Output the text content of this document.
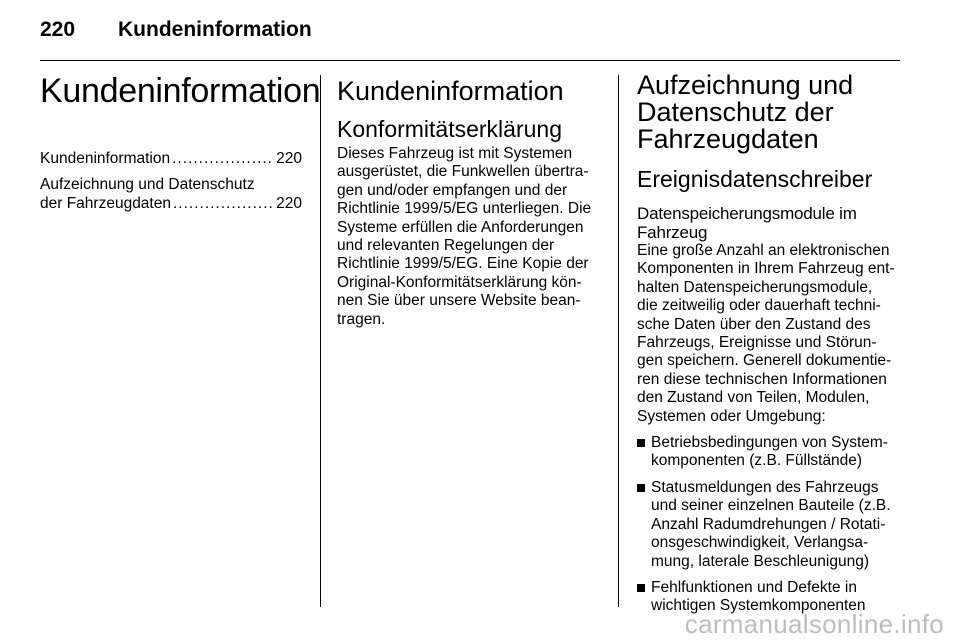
220 Kundeninformation
Kundeninformation
Kundeninformation .....	220
Aufzeichnung und Datenschutz
der Fahrzeugdaten .....	220
Kundeninformation
Konformitätserklärung
Dieses Fahrzeug ist mit Systemen
ausgerüstet, die Funkwellen übertra-
gen und/oder empfangen und der
Richtlinie 1999/5/EG unterliegen. Die
Systeme erfüllen die Anforderungen
und relevanten Regelungen der
Richtlinie 1999/5/EG. Eine Kopie der
Original-Konformitätserklärung kön-
nen Sie über unsere Website bean-
tragen.
Aufzeichnung und
Datenschutz der
Fahrzeugdaten
Ereignisdatenschreiber
Datenspeicherungsmodule im
Fahrzeug
Eine große Anzahl an elektronischen
Komponenten in Ihrem Fahrzeug ent-
halten Datenspeicherungsmodule,
die zeitweilig oder dauerhaft techni-
sche Daten über den Zustand des
Fahrzeugs, Ereignisse und Störun-
gen speichern. Generell dokumentie-
ren diese technischen Informationen
den Zustand von Teilen, Modulen,
Systemen oder Umgebung:
Betriebsbedingungen von System-
komponenten (z.B. Füllstände)
Statusmeldungen des Fahrzeugs
und seiner einzelnen Bauteile (z.B.
Anzahl Radumdrehungen / Rotati-
onsgeschwindigkeit, Verlangsa-
mung, laterale Beschleunigung)
Fehlfunktionen und Defekte in
wichtigen Systemkomponenten
carmanualsonline.info
